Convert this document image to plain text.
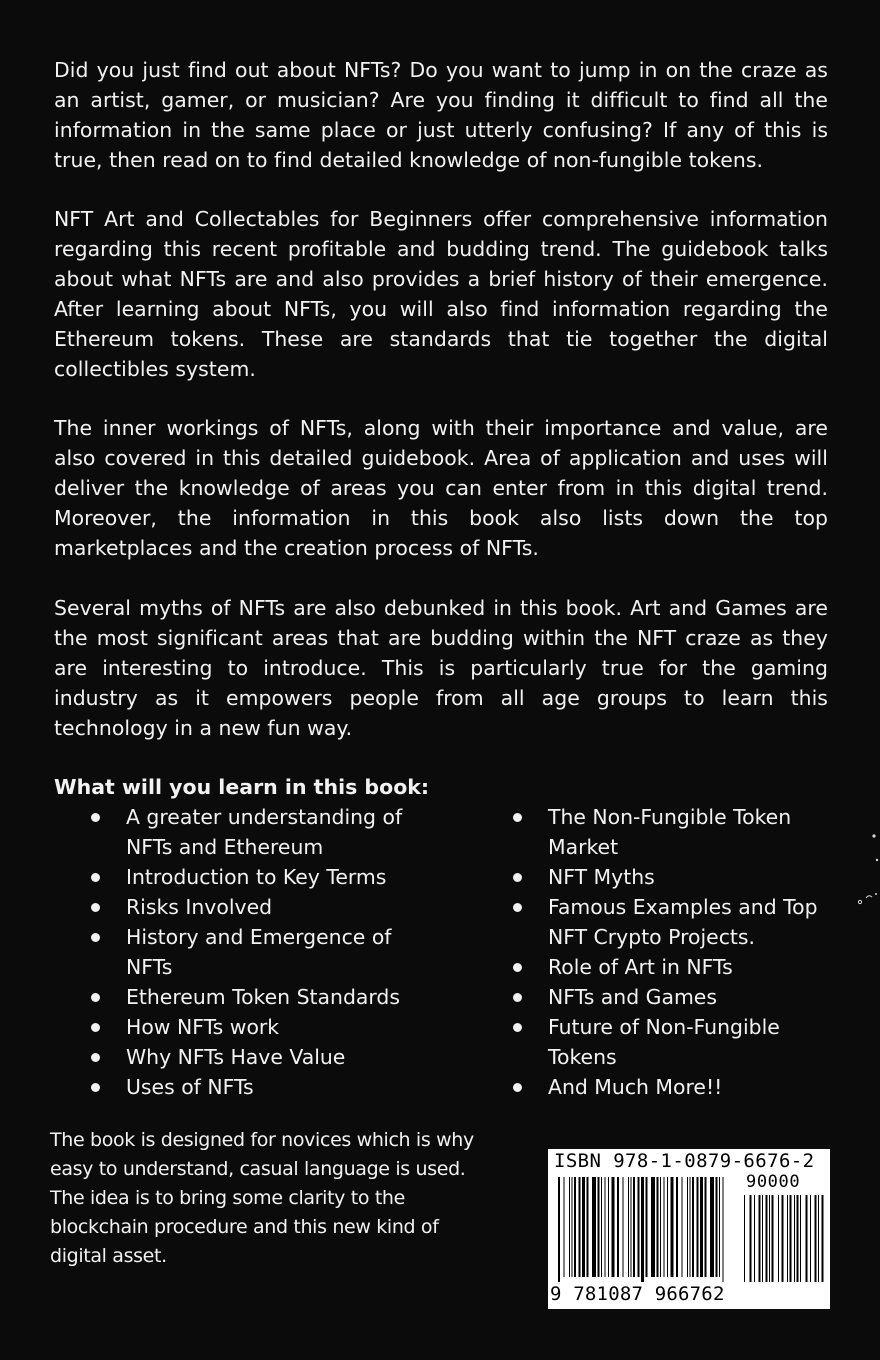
Did you just find out about NFTs? Do you want to jump in on the craze as an artist, gamer, or musician? Are you finding it difficult to find all the information in the same place or just utterly confusing? If any of this is true, then read on to find detailed knowledge of non-fungible tokens.

NFT Art and Collectables for Beginners offer comprehensive information regarding this recent profitable and budding trend. The guidebook talks about what NFTs are and also provides a brief history of their emergence. After learning about NFTs, you will also find information regarding the Ethereum tokens. These are standards that tie together the digital collectibles system.

The inner workings of NFTs, along with their importance and value, are also covered in this detailed guidebook. Area of application and uses will deliver the knowledge of areas you can enter from in this digital trend. Moreover, the information in this book also lists down the top marketplaces and the creation process of NFTs.

Several myths of NFTs are also debunked in this book. Art and Games are the most significant areas that are budding within the NFT craze as they are interesting to introduce. This is particularly true for the gaming industry as it empowers people from all age groups to learn this technology in a new fun way.

What will you learn in this book:
A greater understanding of NFTs and Ethereum
Introduction to Key Terms
Risks Involved
History and Emergence of NFTs
Ethereum Token Standards
How NFTs work
Why NFTs Have Value
Uses of NFTs
The Non-Fungible Token Market
NFT Myths
Famous Examples and Top NFT Crypto Projects.
Role of Art in NFTs
NFTs and Games
Future of Non-Fungible Tokens
And Much More!!

The book is designed for novices which is why easy to understand, casual language is used. The idea is to bring some clarity to the blockchain procedure and this new kind of digital asset.

ISBN 978-1-0879-6676-2
90000
9 781087 966762
